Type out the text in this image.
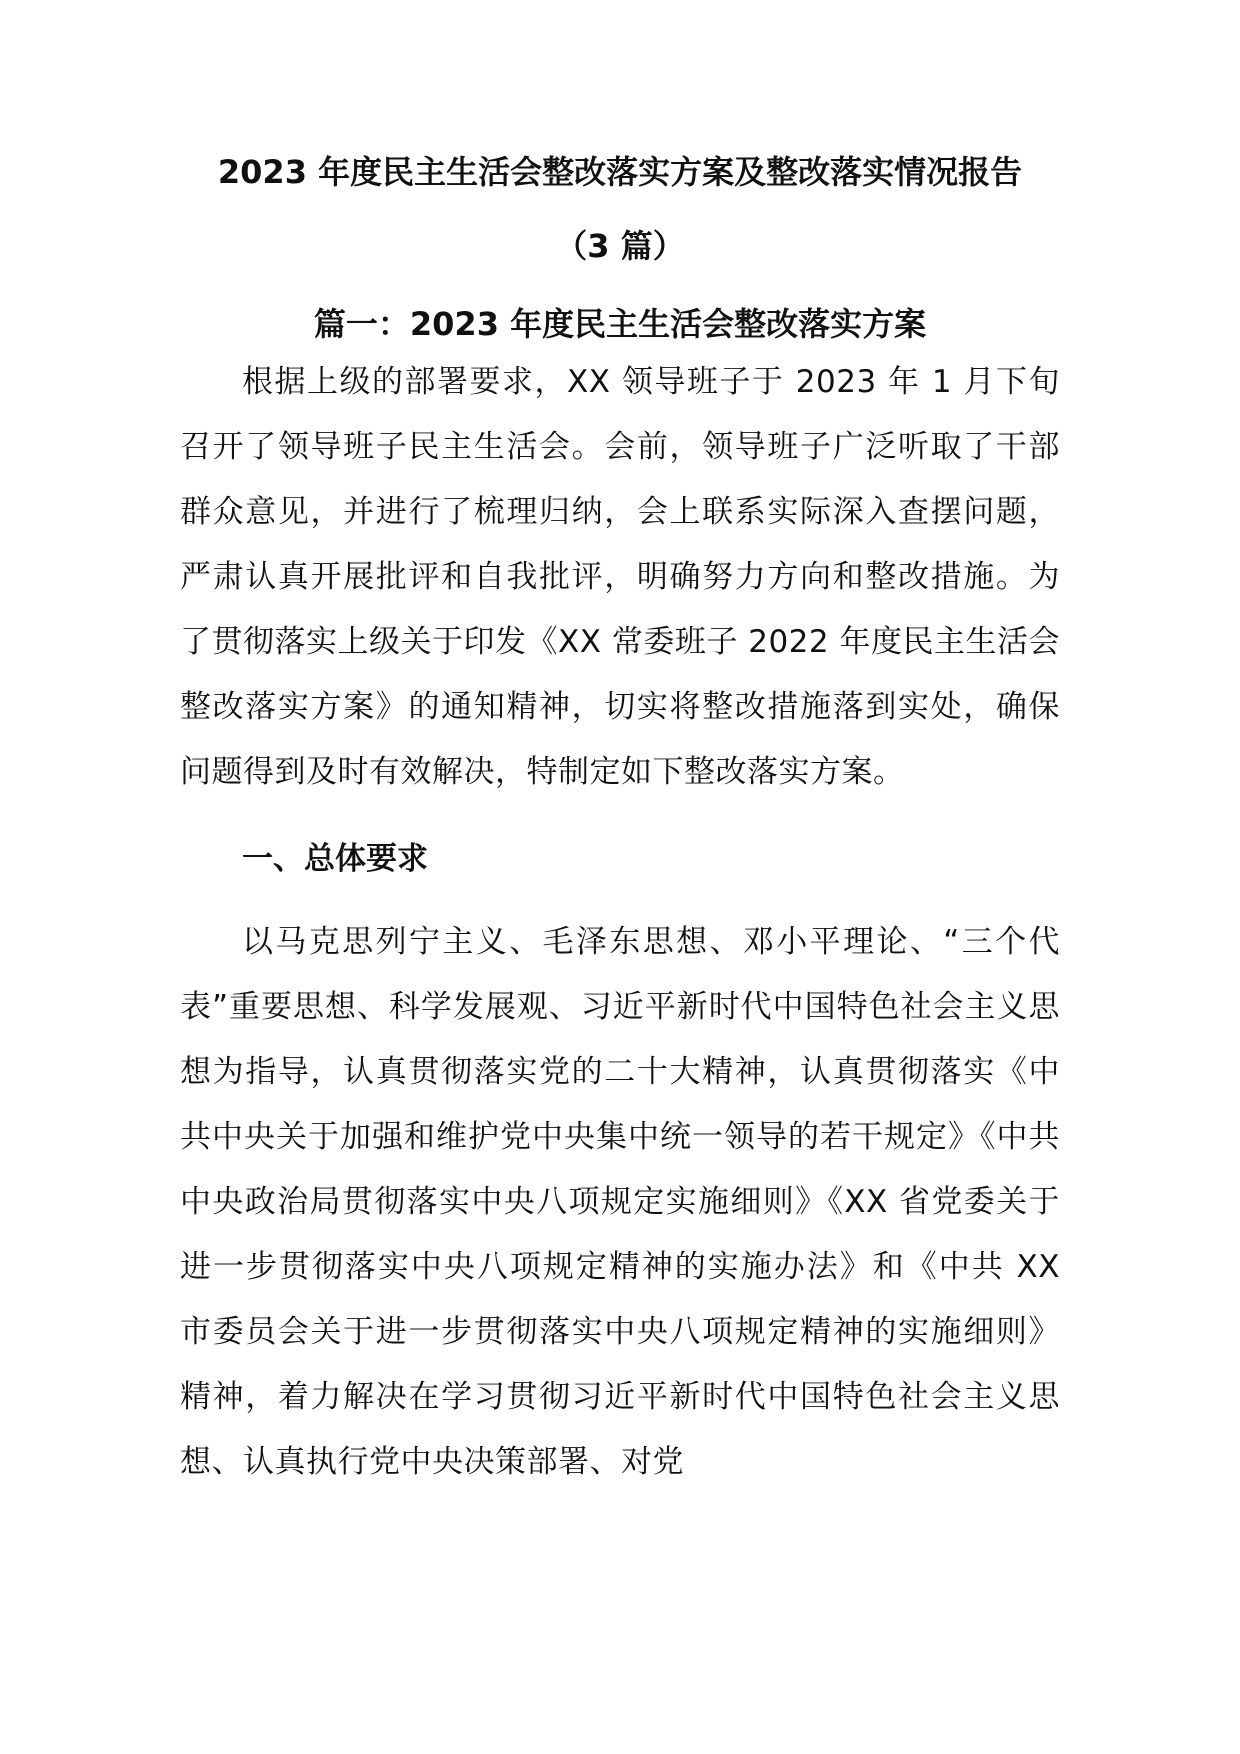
2023 年度民主生活会整改落实方案及整改落实情况报告
（3 篇）
篇一：2023 年度民主生活会整改落实方案

根据上级的部署要求，XX 领导班子于 2023 年 1 月下旬召开了领导班子民主生活会。会前，领导班子广泛听取了干部群众意见，并进行了梳理归纳，会上联系实际深入查摆问题，严肃认真开展批评和自我批评，明确努力方向和整改措施。为了贯彻落实上级关于印发《XX 常委班子 2022 年度民主生活会整改落实方案》的通知精神，切实将整改措施落到实处，确保问题得到及时有效解决，特制定如下整改落实方案。

一、总体要求

以马克思列宁主义、毛泽东思想、邓小平理论、“三个代表”重要思想、科学发展观、习近平新时代中国特色社会主义思想为指导，认真贯彻落实党的二十大精神，认真贯彻落实《中共中央关于加强和维护党中央集中统一领导的若干规定》《中共中央政治局贯彻落实中央八项规定实施细则》《XX 省党委关于进一步贯彻落实中央八项规定精神的实施办法》和《中共 XX 市委员会关于进一步贯彻落实中央八项规定精神的实施细则》精神，着力解决在学习贯彻习近平新时代中国特色社会主义思想、认真执行党中央决策部署、对党
